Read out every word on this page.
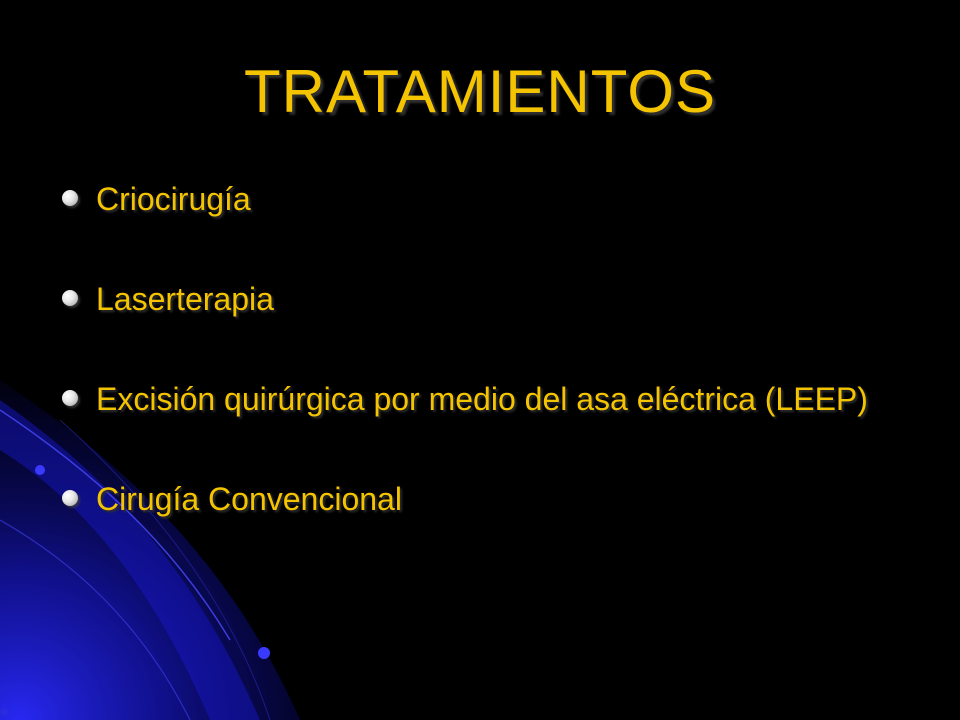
TRATAMIENTOS
Criocirugía
Laserterapia
Excisión quirúrgica por medio del asa eléctrica (LEEP)
Cirugía Convencional
